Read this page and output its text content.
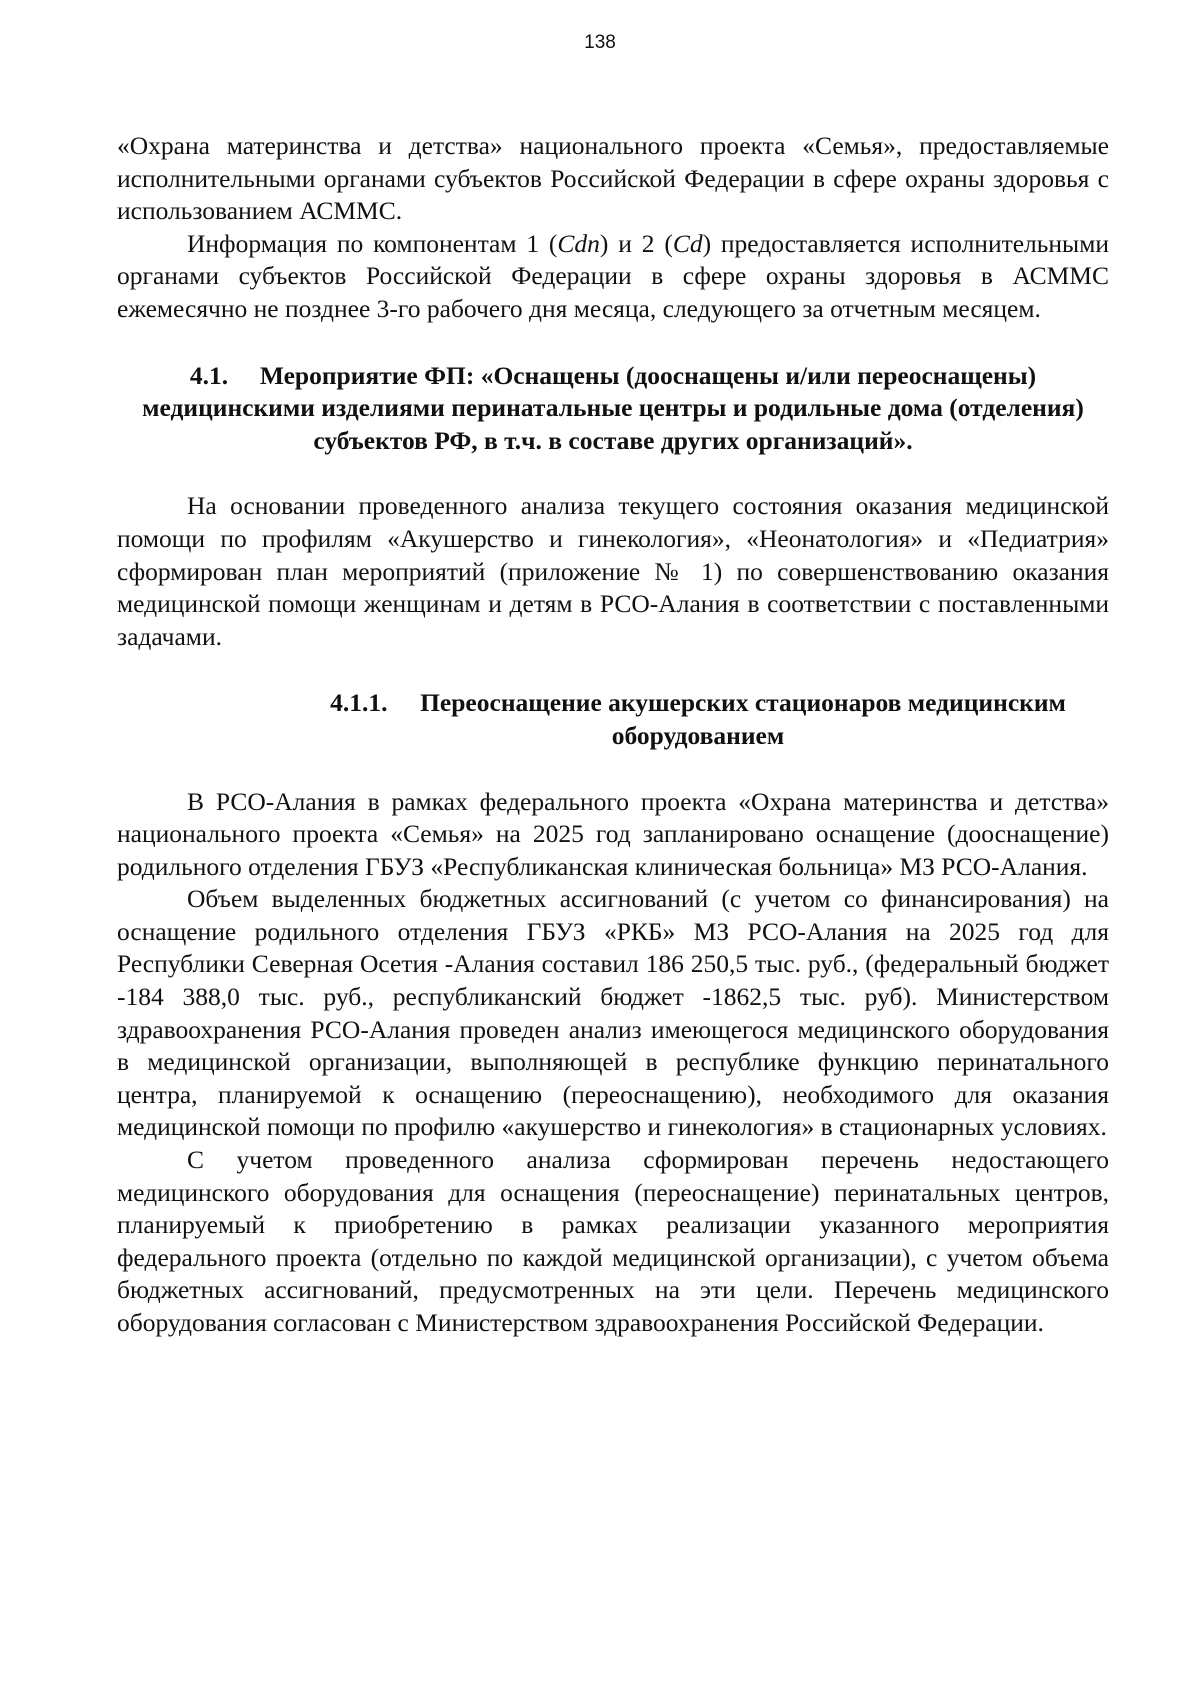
138

«Охрана материнства и детства» национального проекта «Семья», предоставляемые исполнительными органами субъектов Российской Федерации в сфере охраны здоровья с использованием АСММС.

Информация по компонентам 1 (Cdn) и 2 (Cd) предоставляется исполнительными органами субъектов Российской Федерации в сфере охраны здоровья в АСММС ежемесячно не позднее 3-го рабочего дня месяца, следующего за отчетным месяцем.

4.1. Мероприятие ФП: «Оснащены (дооснащены и/или переоснащены) медицинскими изделиями перинатальные центры и родильные дома (отделения) субъектов РФ, в т.ч. в составе других организаций».

На основании проведенного анализа текущего состояния оказания медицинской помощи по профилям «Акушерство и гинекология», «Неонатология» и «Педиатрия» сформирован план мероприятий (приложение № 1) по совершенствованию оказания медицинской помощи женщинам и детям в РСО-Алания в соответствии с поставленными задачами.

4.1.1. Переоснащение акушерских стационаров медицинским оборудованием

В РСО-Алания в рамках федерального проекта «Охрана материнства и детства» национального проекта «Семья» на 2025 год запланировано оснащение (дооснащение) родильного отделения ГБУЗ «Республиканская клиническая больница» МЗ РСО-Алания.

Объем выделенных бюджетных ассигнований (с учетом со финансирования) на оснащение родильного отделения ГБУЗ «РКБ» МЗ РСО-Алания на 2025 год для Республики Северная Осетия -Алания составил 186 250,5 тыс. руб., (федеральный бюджет -184 388,0 тыс. руб., республиканский бюджет -1862,5 тыс. руб). Министерством здравоохранения РСО-Алания проведен анализ имеющегося медицинского оборудования в медицинской организации, выполняющей в республике функцию перинатального центра, планируемой к оснащению (переоснащению), необходимого для оказания медицинской помощи по профилю «акушерство и гинекология» в стационарных условиях.

С учетом проведенного анализа сформирован перечень недостающего медицинского оборудования для оснащения (переоснащение) перинатальных центров, планируемый к приобретению в рамках реализации указанного мероприятия федерального проекта (отдельно по каждой медицинской организации), с учетом объема бюджетных ассигнований, предусмотренных на эти цели. Перечень медицинского оборудования согласован с Министерством здравоохранения Российской Федерации.
